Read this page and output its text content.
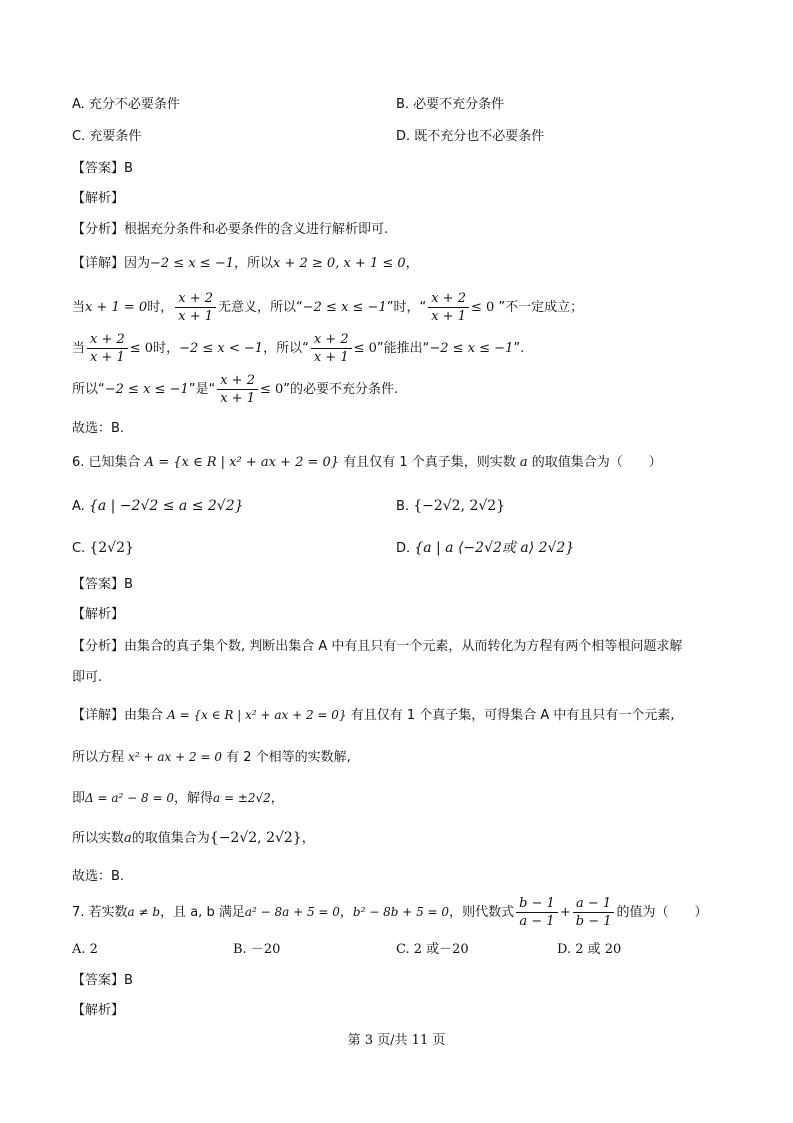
A. 充分不必要条件	B. 必要不充分条件
C. 充要条件	D. 既不充分也不必要条件
【答案】B
【解析】
【分析】根据充分条件和必要条件的含义进行解析即可.
【详解】因为−2 ≤ x ≤ −1，所以x + 2 ≥ 0, x + 1 ≤ 0，
当x + 1 = 0时， $\frac{x + 2}{x + 1}$ 无意义，所以“−2 ≤ x ≤ −1”时，“ $\frac{x + 2}{x + 1} \le 0$ ”不一定成立；
当 $\frac{x + 2}{x + 1} \le 0$时，−2 ≤ x < −1，所以“ $\frac{x + 2}{x + 1} \le 0$”能推出“−2 ≤ x ≤ −1”.
所以“−2 ≤ x ≤ −1”是“ $\frac{x + 2}{x + 1} \le 0$”的必要不充分条件.
故选：B.
6. 已知集合 A = {x ∈ R | x² + ax + 2 = 0} 有且仅有 1 个真子集，则实数 a 的取值集合为（　　）
A. {a | −2√2 ≤ a ≤ 2√2}	B. {−2√2, 2√2}
C. {2√2}	D. {a | a ⟨−2√2或 a⟩ 2√2}
【答案】B
【解析】
【分析】由集合的真子集个数, 判断出集合 A 中有且只有一个元素，从而转化为方程有两个相等根问题求解
即可.
【详解】由集合 A = {x ∈ R | x² + ax + 2 = 0} 有且仅有 1 个真子集，可得集合 A 中有且只有一个元素,
所以方程 x² + ax + 2 = 0 有 2 个相等的实数解,
即Δ = a² − 8 = 0，解得a = ±2√2，
所以实数a的取值集合为{−2√2, 2√2}，
故选：B.
7. 若实数a ≠ b，且 a, b 满足a² − 8a + 5 = 0，b² − 8b + 5 = 0，则代数式 $\frac{b - 1}{a - 1} + \frac{a - 1}{b - 1}$ 的值为（　　）
A. 2	B. －20	C. 2 或－20	D. 2 或 20
【答案】B
【解析】
第 3 页/共 11 页
